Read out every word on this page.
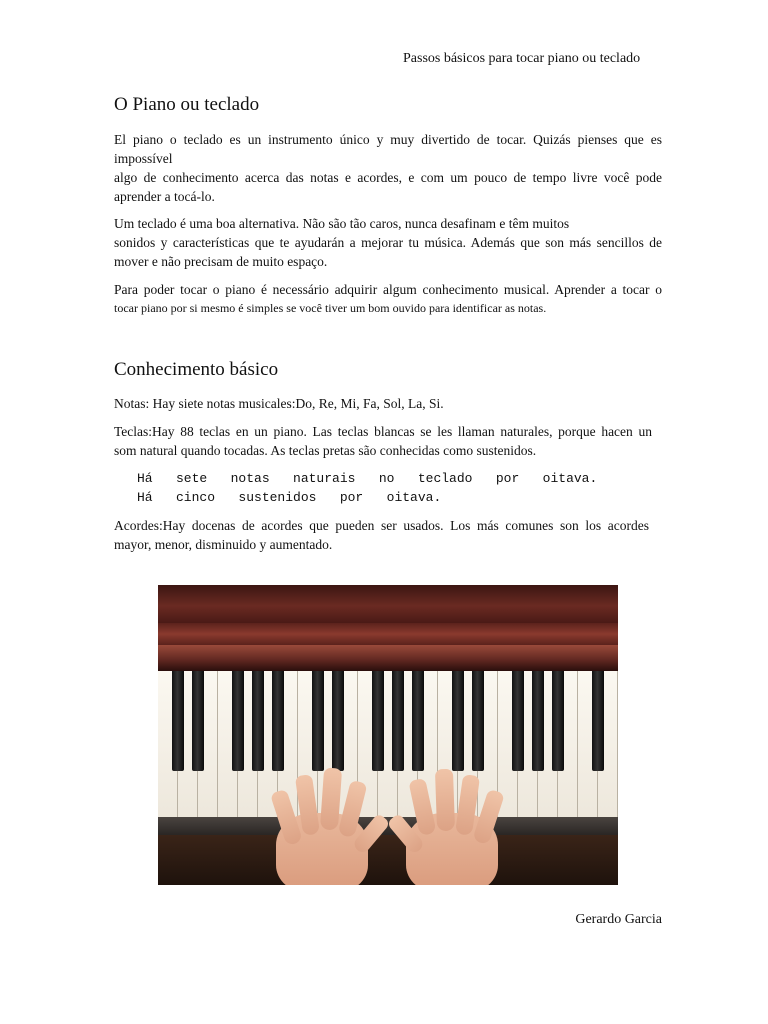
Passos básicos para tocar piano ou teclado
O Piano ou teclado
El piano o teclado es un instrumento único y muy divertido de tocar. Quizás pienses que es
impossível
algo de conhecimento acerca das notas e acordes, e com um pouco de tempo livre você pode
aprender a tocá-lo.
Um teclado é uma boa alternativa. Não são tão caros, nunca desafinam e têm muitos
sonidos y características que te ayudarán a mejorar tu música. Además que son más sencillos de
mover e não precisam de muito espaço.
Para poder tocar o piano é necessário adquirir algum conhecimento musical. Aprender a tocar o
tocar piano por si mesmo é simples se você tiver um bom ouvido para identificar as notas.
Conhecimento básico
Notas: Hay siete notas musicales:Do, Re, Mi, Fa, Sol, La, Si.
Teclas:Hay 88 teclas en un piano. Las teclas blancas se les llaman naturales, porque hacen un
som natural quando tocadas. As teclas pretas são conhecidas como sustenidos.
Há   sete   notas   naturais   no   teclado   por   oitava.
Há   cinco   sustenidos   por   oitava.
Acordes:Hay docenas de acordes que pueden ser usados. Los más comunes son los acordes
mayor, menor, disminuido y aumentado.
Gerardo Garcia
